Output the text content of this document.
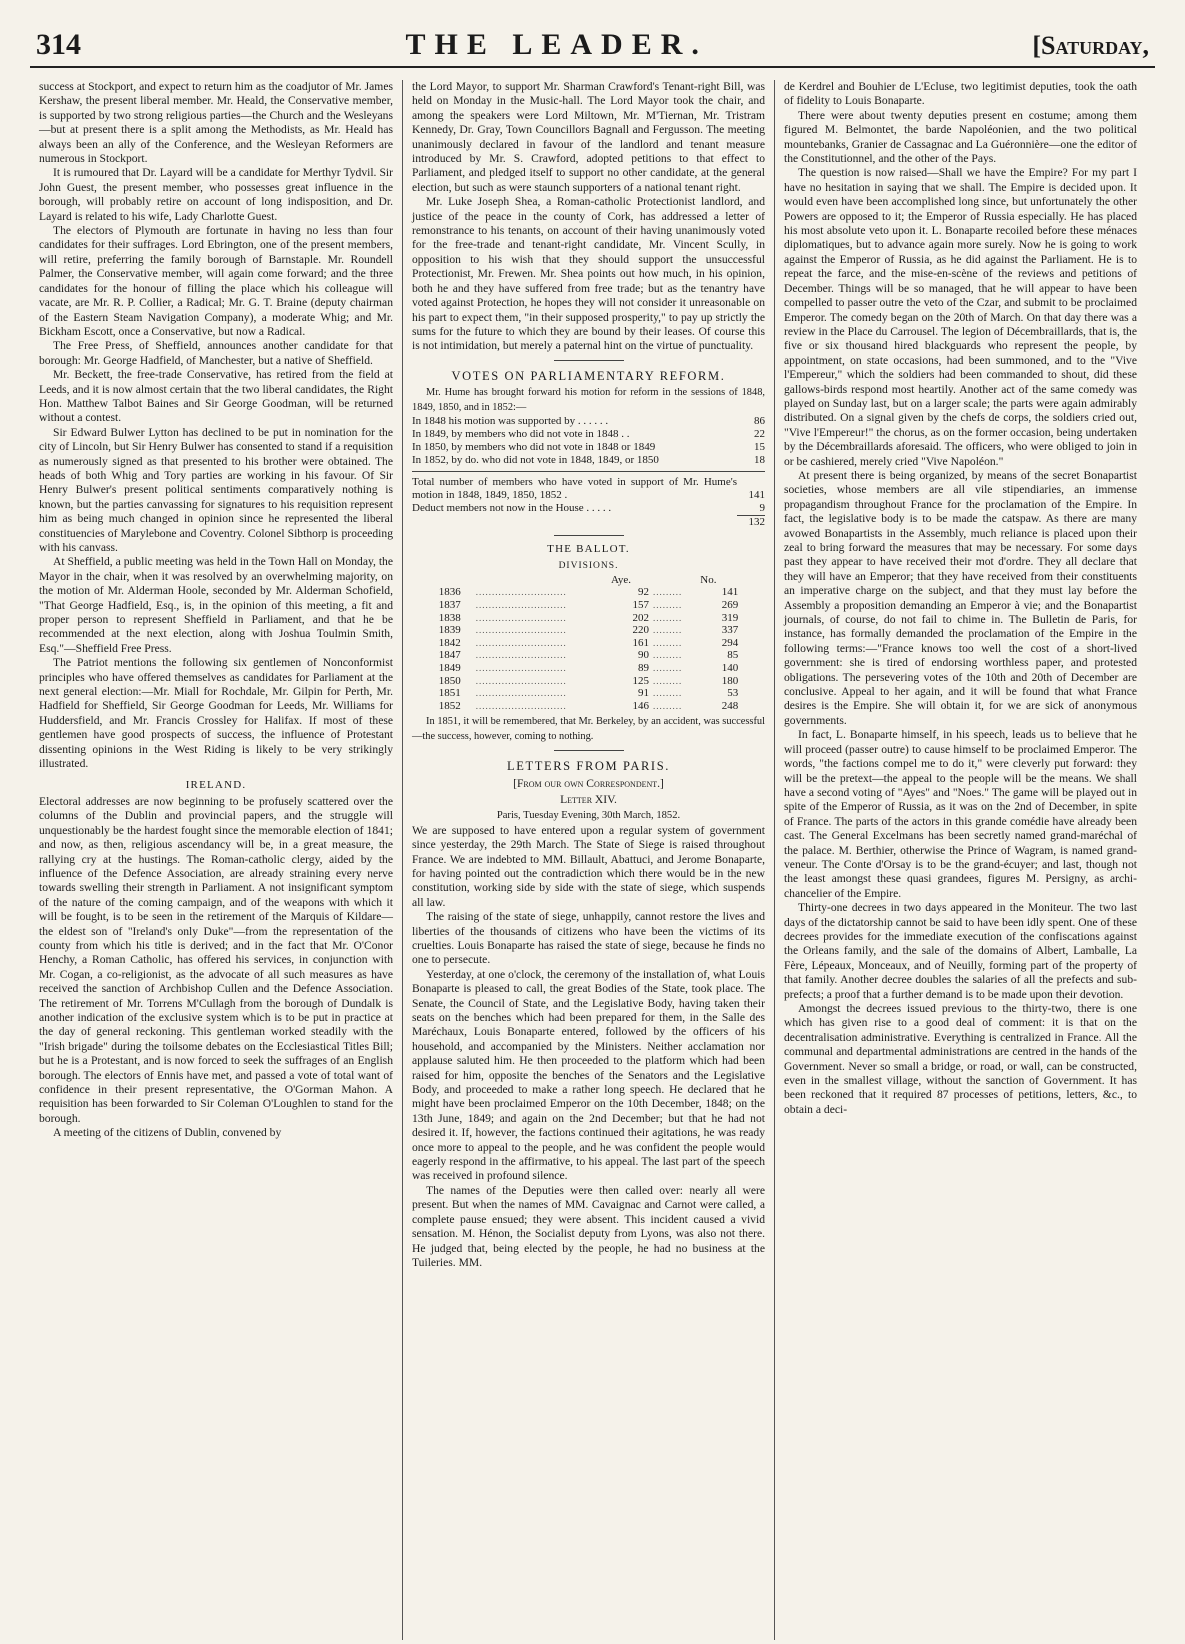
314	THE LEADER.	[Saturday,

success at Stockport, and expect to return him as the coadjutor of Mr. James Kershaw, the present liberal member. Mr. Heald, the Conservative member, is supported by two strong religious parties—the Church and the Wesleyans—but at present there is a split among the Methodists, as Mr. Heald has always been an ally of the Conference, and the Wesleyan Reformers are numerous in Stockport.

It is rumoured that Dr. Layard will be a candidate for Merthyr Tydvil. Sir John Guest, the present member, who possesses great influence in the borough, will probably retire on account of long indisposition, and Dr. Layard is related to his wife, Lady Charlotte Guest.

The electors of Plymouth are fortunate in having no less than four candidates for their suffrages. Lord Ebrington, one of the present members, will retire, preferring the family borough of Barnstaple. Mr. Roundell Palmer, the Conservative member, will again come forward; and the three candidates for the honour of filling the place which his colleague will vacate, are Mr. R. P. Collier, a Radical; Mr. G. T. Braine (deputy chairman of the Eastern Steam Navigation Company), a moderate Whig; and Mr. Bickham Escott, once a Conservative, but now a Radical.

The Free Press, of Sheffield, announces another candidate for that borough: Mr. George Hadfield, of Manchester, but a native of Sheffield.

Mr. Beckett, the free-trade Conservative, has retired from the field at Leeds, and it is now almost certain that the two liberal candidates, the Right Hon. Matthew Talbot Baines and Sir George Goodman, will be returned without a contest.

Sir Edward Bulwer Lytton has declined to be put in nomination for the city of Lincoln, but Sir Henry Bulwer has consented to stand if a requisition as numerously signed as that presented to his brother were obtained. The heads of both Whig and Tory parties are working in his favour. Of Sir Henry Bulwer's present political sentiments comparatively nothing is known, but the parties canvassing for signatures to his requisition represent him as being much changed in opinion since he represented the liberal constituencies of Marylebone and Coventry. Colonel Sibthorp is proceeding with his canvass.

At Sheffield, a public meeting was held in the Town Hall on Monday, the Mayor in the chair, when it was resolved by an overwhelming majority, on the motion of Mr. Alderman Hoole, seconded by Mr. Alderman Schofield, "That George Hadfield, Esq., is, in the opinion of this meeting, a fit and proper person to represent Sheffield in Parliament, and that he be recommended at the next election, along with Joshua Toulmin Smith, Esq."—Sheffield Free Press.

The Patriot mentions the following six gentlemen of Nonconformist principles who have offered themselves as candidates for Parliament at the next general election:—Mr. Miall for Rochdale, Mr. Gilpin for Perth, Mr. Hadfield for Sheffield, Sir George Goodman for Leeds, Mr. Williams for Huddersfield, and Mr. Francis Crossley for Halifax. If most of these gentlemen have good prospects of success, the influence of Protestant dissenting opinions in the West Riding is likely to be very strikingly illustrated.

IRELAND.

Electoral addresses are now beginning to be profusely scattered over the columns of the Dublin and provincial papers, and the struggle will unquestionably be the hardest fought since the memorable election of 1841; and now, as then, religious ascendancy will be, in a great measure, the rallying cry at the hustings. The Roman-catholic clergy, aided by the influence of the Defence Association, are already straining every nerve towards swelling their strength in Parliament. A not insignificant symptom of the nature of the coming campaign, and of the weapons with which it will be fought, is to be seen in the retirement of the Marquis of Kildare—the eldest son of "Ireland's only Duke"—from the representation of the county from which his title is derived; and in the fact that Mr. O'Conor Henchy, a Roman Catholic, has offered his services, in conjunction with Mr. Cogan, a co-religionist, as the advocate of all such measures as have received the sanction of Archbishop Cullen and the Defence Association. The retirement of Mr. Torrens M'Cullagh from the borough of Dundalk is another indication of the exclusive system which is to be put in practice at the day of general reckoning. This gentleman worked steadily with the "Irish brigade" during the toilsome debates on the Ecclesiastical Titles Bill; but he is a Protestant, and is now forced to seek the suffrages of an English borough. The electors of Ennis have met, and passed a vote of total want of confidence in their present representative, the O'Gorman Mahon. A requisition has been forwarded to Sir Coleman O'Loughlen to stand for the borough.

A meeting of the citizens of Dublin, convened by

the Lord Mayor, to support Mr. Sharman Crawford's Tenant-right Bill, was held on Monday in the Music-hall. The Lord Mayor took the chair, and among the speakers were Lord Miltown, Mr. M'Tiernan, Mr. Tristram Kennedy, Dr. Gray, Town Councillors Bagnall and Fergusson. The meeting unanimously declared in favour of the landlord and tenant measure introduced by Mr. S. Crawford, adopted petitions to that effect to Parliament, and pledged itself to support no other candidate, at the general election, but such as were staunch supporters of a national tenant right.

Mr. Luke Joseph Shea, a Roman-catholic Protectionist landlord, and justice of the peace in the county of Cork, has addressed a letter of remonstrance to his tenants, on account of their having unanimously voted for the free-trade and tenant-right candidate, Mr. Vincent Scully, in opposition to his wish that they should support the unsuccessful Protectionist, Mr. Frewen. Mr. Shea points out how much, in his opinion, both he and they have suffered from free trade; but as the tenantry have voted against Protection, he hopes they will not consider it unreasonable on his part to expect them, "in their supposed prosperity," to pay up strictly the sums for the future to which they are bound by their leases. Of course this is not intimidation, but merely a paternal hint on the virtue of punctuality.

VOTES ON PARLIAMENTARY REFORM.

Mr. Hume has brought forward his motion for reform in the sessions of 1848, 1849, 1850, and in 1852:—

In 1848 his motion was supported by . . . . . .	86
In 1849, by members who did not vote in 1848 . .	22
In 1850, by members who did not vote in 1848 or 1849	15
In 1852, by do. who did not vote in 1848, 1849, or 1850	18

Total number of members who have voted in support of Mr. Hume's motion in 1848, 1849, 1850, 1852 .	141
Deduct members not now in the House . . . . .	9
	132
THE BALLOT.
DIVISIONS.
		Aye.		No.
1836	............................	92	.........	141
1837	............................	157	.........	269
1838	............................	202	.........	319
1839	............................	220	.........	337
1842	............................	161	.........	294
1847	............................	90	.........	85
1849	............................	89	.........	140
1850	............................	125	.........	180
1851	............................	91	.........	53
1852	............................	146	.........	248

In 1851, it will be remembered, that Mr. Berkeley, by an accident, was successful—the success, however, coming to nothing.

LETTERS FROM PARIS.
[From our own Correspondent.]
Letter XIV.
Paris, Tuesday Evening, 30th March, 1852.

We are supposed to have entered upon a regular system of government since yesterday, the 29th March. The State of Siege is raised throughout France. We are indebted to MM. Billault, Abattuci, and Jerome Bonaparte, for having pointed out the contradiction which there would be in the new constitution, working side by side with the state of siege, which suspends all law.

The raising of the state of siege, unhappily, cannot restore the lives and liberties of the thousands of citizens who have been the victims of its cruelties. Louis Bonaparte has raised the state of siege, because he finds no one to persecute.

Yesterday, at one o'clock, the ceremony of the installation of, what Louis Bonaparte is pleased to call, the great Bodies of the State, took place. The Senate, the Council of State, and the Legislative Body, having taken their seats on the benches which had been prepared for them, in the Salle des Maréchaux, Louis Bonaparte entered, followed by the officers of his household, and accompanied by the Ministers. Neither acclamation nor applause saluted him. He then proceeded to the platform which had been raised for him, opposite the benches of the Senators and the Legislative Body, and proceeded to make a rather long speech. He declared that he might have been proclaimed Emperor on the 10th December, 1848; on the 13th June, 1849; and again on the 2nd December; but that he had not desired it. If, however, the factions continued their agitations, he was ready once more to appeal to the people, and he was confident the people would eagerly respond in the affirmative, to his appeal. The last part of the speech was received in profound silence.

The names of the Deputies were then called over: nearly all were present. But when the names of MM. Cavaignac and Carnot were called, a complete pause ensued; they were absent. This incident caused a vivid sensation. M. Hénon, the Socialist deputy from Lyons, was also not there. He judged that, being elected by the people, he had no business at the Tuileries. MM.

de Kerdrel and Bouhier de L'Ecluse, two legitimist deputies, took the oath of fidelity to Louis Bonaparte.

There were about twenty deputies present en costume; among them figured M. Belmontet, the barde Napoléonien, and the two political mountebanks, Granier de Cassagnac and La Guéronnière—one the editor of the Constitutionnel, and the other of the Pays.

The question is now raised—Shall we have the Empire? For my part I have no hesitation in saying that we shall. The Empire is decided upon. It would even have been accomplished long since, but unfortunately the other Powers are opposed to it; the Emperor of Russia especially. He has placed his most absolute veto upon it. L. Bonaparte recoiled before these ménaces diplomatiques, but to advance again more surely. Now he is going to work against the Emperor of Russia, as he did against the Parliament. He is to repeat the farce, and the mise-en-scène of the reviews and petitions of December. Things will be so managed, that he will appear to have been compelled to passer outre the veto of the Czar, and submit to be proclaimed Emperor. The comedy began on the 20th of March. On that day there was a review in the Place du Carrousel. The legion of Décembraillards, that is, the five or six thousand hired blackguards who represent the people, by appointment, on state occasions, had been summoned, and to the "Vive l'Empereur," which the soldiers had been commanded to shout, did these gallows-birds respond most heartily. Another act of the same comedy was played on Sunday last, but on a larger scale; the parts were again admirably distributed. On a signal given by the chefs de corps, the soldiers cried out, "Vive l'Empereur!" the chorus, as on the former occasion, being undertaken by the Décembraillards aforesaid. The officers, who were obliged to join in or be cashiered, merely cried "Vive Napoléon."

At present there is being organized, by means of the secret Bonapartist societies, whose members are all vile stipendiaries, an immense propagandism throughout France for the proclamation of the Empire. In fact, the legislative body is to be made the catspaw. As there are many avowed Bonapartists in the Assembly, much reliance is placed upon their zeal to bring forward the measures that may be necessary. For some days past they appear to have received their mot d'ordre. They all declare that they will have an Emperor; that they have received from their constituents an imperative charge on the subject, and that they must lay before the Assembly a proposition demanding an Emperor à vie; and the Bonapartist journals, of course, do not fail to chime in. The Bulletin de Paris, for instance, has formally demanded the proclamation of the Empire in the following terms:—"France knows too well the cost of a short-lived government: she is tired of endorsing worthless paper, and protested obligations. The persevering votes of the 10th and 20th of December are conclusive. Appeal to her again, and it will be found that what France desires is the Empire. She will obtain it, for we are sick of anonymous governments.

In fact, L. Bonaparte himself, in his speech, leads us to believe that he will proceed (passer outre) to cause himself to be proclaimed Emperor. The words, "the factions compel me to do it," were cleverly put forward: they will be the pretext—the appeal to the people will be the means. We shall have a second voting of "Ayes" and "Noes." The game will be played out in spite of the Emperor of Russia, as it was on the 2nd of December, in spite of France. The parts of the actors in this grande comédie have already been cast. The General Excelmans has been secretly named grand-maréchal of the palace. M. Berthier, otherwise the Prince of Wagram, is named grand-veneur. The Conte d'Orsay is to be the grand-écuyer; and last, though not the least amongst these quasi grandees, figures M. Persigny, as archi-chancelier of the Empire.

Thirty-one decrees in two days appeared in the Moniteur. The two last days of the dictatorship cannot be said to have been idly spent. One of these decrees provides for the immediate execution of the confiscations against the Orleans family, and the sale of the domains of Albert, Lamballe, La Fère, Lépeaux, Monceaux, and of Neuilly, forming part of the property of that family. Another decree doubles the salaries of all the prefects and sub-prefects; a proof that a further demand is to be made upon their devotion.

Amongst the decrees issued previous to the thirty-two, there is one which has given rise to a good deal of comment: it is that on the decentralisation administrative. Everything is centralized in France. All the communal and departmental administrations are centred in the hands of the Government. Never so small a bridge, or road, or wall, can be constructed, even in the smallest village, without the sanction of Government. It has been reckoned that it required 87 processes of petitions, letters, &c., to obtain a deci-
